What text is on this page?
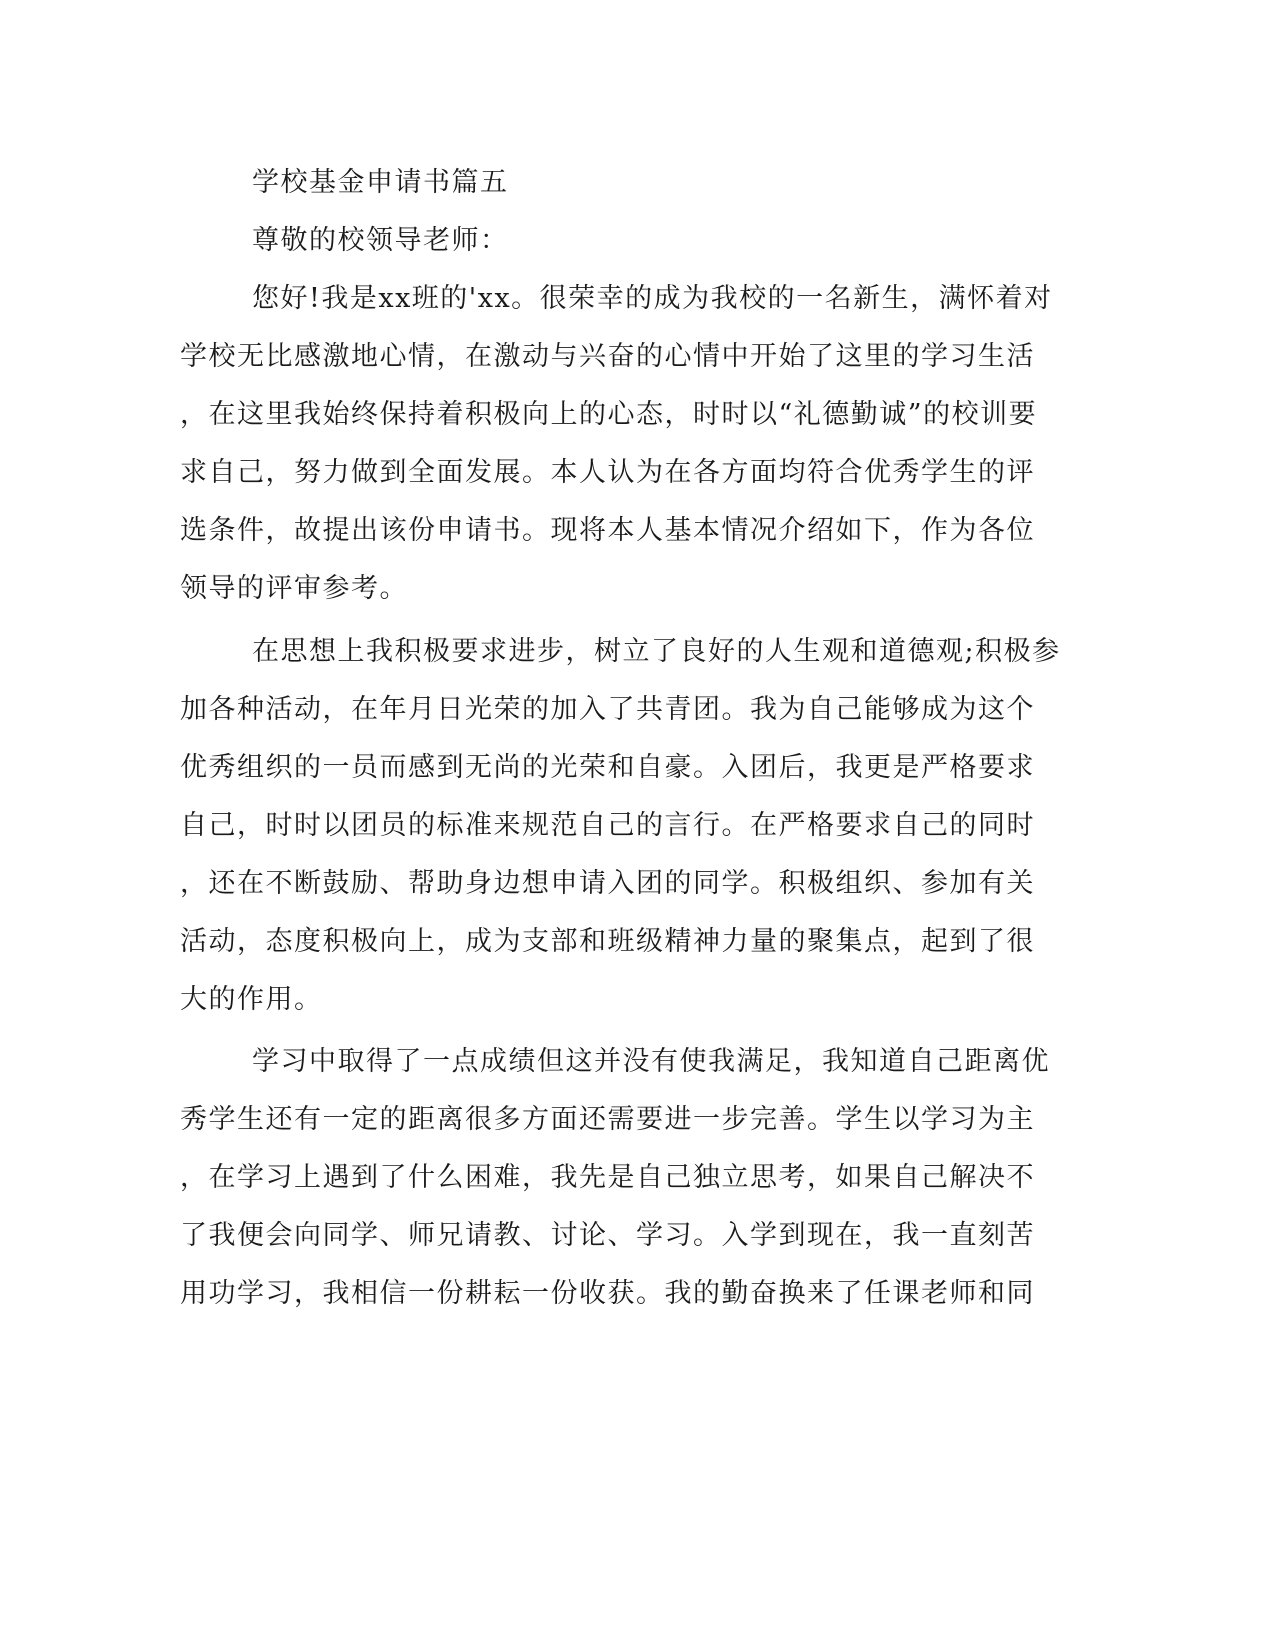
学校基金申请书篇五
尊敬的校领导老师：
您好!我是xx班的'xx。很荣幸的成为我校的一名新生，满怀着对
学校无比感激地心情，在激动与兴奋的心情中开始了这里的学习生活
，在这里我始终保持着积极向上的心态，时时以“礼德勤诚”的校训要
求自己，努力做到全面发展。本人认为在各方面均符合优秀学生的评
选条件，故提出该份申请书。现将本人基本情况介绍如下，作为各位
领导的评审参考。
在思想上我积极要求进步，树立了良好的人生观和道德观;积极参
加各种活动，在年月日光荣的加入了共青团。我为自己能够成为这个
优秀组织的一员而感到无尚的光荣和自豪。入团后，我更是严格要求
自己，时时以团员的标准来规范自己的言行。在严格要求自己的同时
，还在不断鼓励、帮助身边想申请入团的同学。积极组织、参加有关
活动，态度积极向上，成为支部和班级精神力量的聚集点，起到了很
大的作用。
学习中取得了一点成绩但这并没有使我满足，我知道自己距离优
秀学生还有一定的距离很多方面还需要进一步完善。学生以学习为主
，在学习上遇到了什么困难，我先是自己独立思考，如果自己解决不
了我便会向同学、师兄请教、讨论、学习。入学到现在，我一直刻苦
用功学习，我相信一份耕耘一份收获。我的勤奋换来了任课老师和同
